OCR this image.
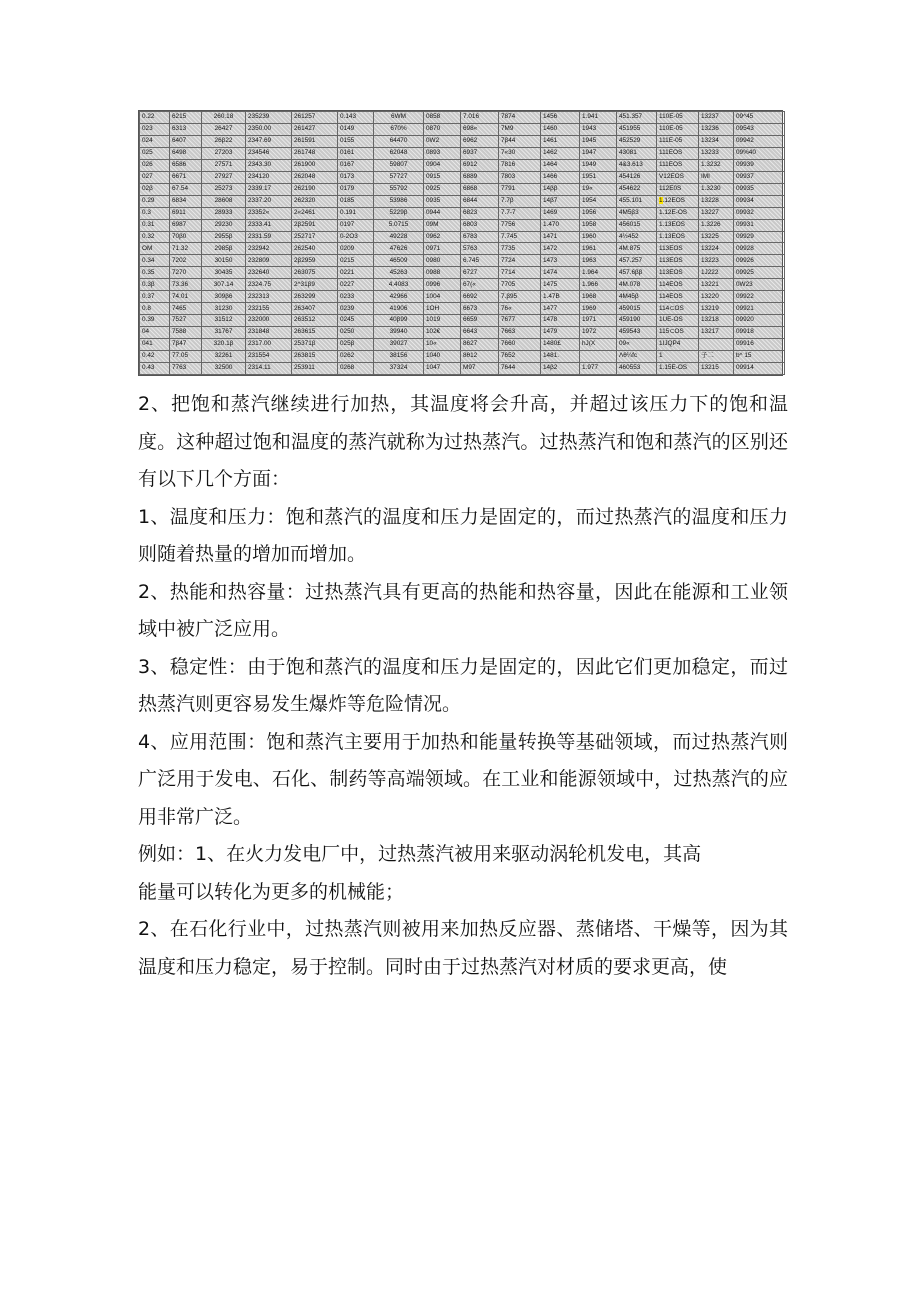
0.22	6215	260.18	235239	261257	0.143	6WM	0858	7.016	7874	1456	1.941	451.357	110E-05	13237	09^45
023	6313	26427	2350.00	261427	0149	670%	0870	698«	7M9	1460	1943	451955	110E-05	13236	09543
024	6407	26β22	2347.69	261591	0155	64470	0W2	6962	7β44	1461	1945	452529	111E-05	13234	09942
025	6498	27203	234546	261748	0161	62048	0893	6937	7«30	1462	1947	43081	111EOS	13233	09%40
026	6586	27571	2343.30	261900	0167	59807	0904	6912	7816	1464	1949	4&3.613	111EOS	1.3232	09939
027	6671	27927	234120	262048	0173	57727	0915	6889	7803	1466	1951	454126	V12EOS	IMI	09937
02β	67.54	25273	2339.17	262190	0179	55792	0925	6868	7791	14ββ	19«	454622	112E0S	1.3230	09935
0.29	6834	28608	2337.20	262320	0185	53986	0935	6844	7.7β	14β7	1954	455.101	1.12EOS	13228	09934
0.3	6911	28933	23352«	2«2461	0.191	5229β	0944	6823	7.7-7	1469	1956	4M5β3	1.12E-OS	13227	09932
0.31	6987	29230	2333.41	2β2591	0197	5.0715	09M	6803	7756	1.470	1958	456015	1.13EOS	1.3226	09931
0.32	70β0	2955β	2331.59	252717	0-2O3	49228	0962	6783	7.745	1471	1960	4½452	1.13EOS	13225	09929
OM	71.32	2985β	232942	262540	0209	47626	0971	5763	7735	1472	1961	4M.875	113EOS	13224	09928
0.34	7202	30150	232809	2β2959	0215	46509	0980	6.745	7724	1473	1963	457.257	113EOS	13223	09926
0.35	7270	30435	232640	263075	0221	45263	0988	6727	7714	1474	1.964	457.6ββ	113EOS	1J222	09925
0.3β	73.36	307.14	2324.75	2^31β9	0227	4.4083	0996	67(«	7705	1475	1.966	4M.078	114EOS	13221	0W23
0.37	74.01	309β6	232313	263299	0233	42966	1004	6692	7.β95	1.47B	1968	4M45β	114EOS	13220	09922
0.8	7465	31230	232155	263407	0239	41906	1OH	6673	76«	1477	1969	459015	114⊂OS	13219	09921
0.39	7527	31512	232000	263512	0245	40β99	1019	6659	7677	1478	1971	459190	1UE-OS	13218	09920
04	7588	31767	231848	263615	0250	39940	102€	6643	7663	1479	1972	459543	115⊂OS	13217	09918
041	7β47	320.1β	2317.00	25371β	025β	39027	10«	8627	7660	1480£	hJ(X	09«	1IJQP4		09916
0.42	77.05	32261	231554	263815	0262	38156	1040	8θ12	7652	1481.		Λθ¼fc	1	子二	b^ 15
0.43	7763	32500	2314.11	253911	0268	37324	1047	M97	7644	14β2	1.977	460553	1.15E-OS	13215	09914

2、把饱和蒸汽继续进行加热，其温度将会升高，并超过该压力下的饱和温度。这种超过饱和温度的蒸汽就称为过热蒸汽。过热蒸汽和饱和蒸汽的区别还有以下几个方面：

1、温度和压力：饱和蒸汽的温度和压力是固定的，而过热蒸汽的温度和压力则随着热量的增加而增加。

2、热能和热容量：过热蒸汽具有更高的热能和热容量，因此在能源和工业领域中被广泛应用。

3、稳定性：由于饱和蒸汽的温度和压力是固定的，因此它们更加稳定，而过热蒸汽则更容易发生爆炸等危险情况。

4、应用范围：饱和蒸汽主要用于加热和能量转换等基础领域，而过热蒸汽则广泛用于发电、石化、制药等高端领域。在工业和能源领域中，过热蒸汽的应用非常广泛。

例如：1、在火力发电厂中，过热蒸汽被用来驱动涡轮机发电，其高

能量可以转化为更多的机械能；

2、在石化行业中，过热蒸汽则被用来加热反应器、蒸储塔、干燥等，因为其温度和压力稳定，易于控制。同时由于过热蒸汽对材质的要求更高，使
